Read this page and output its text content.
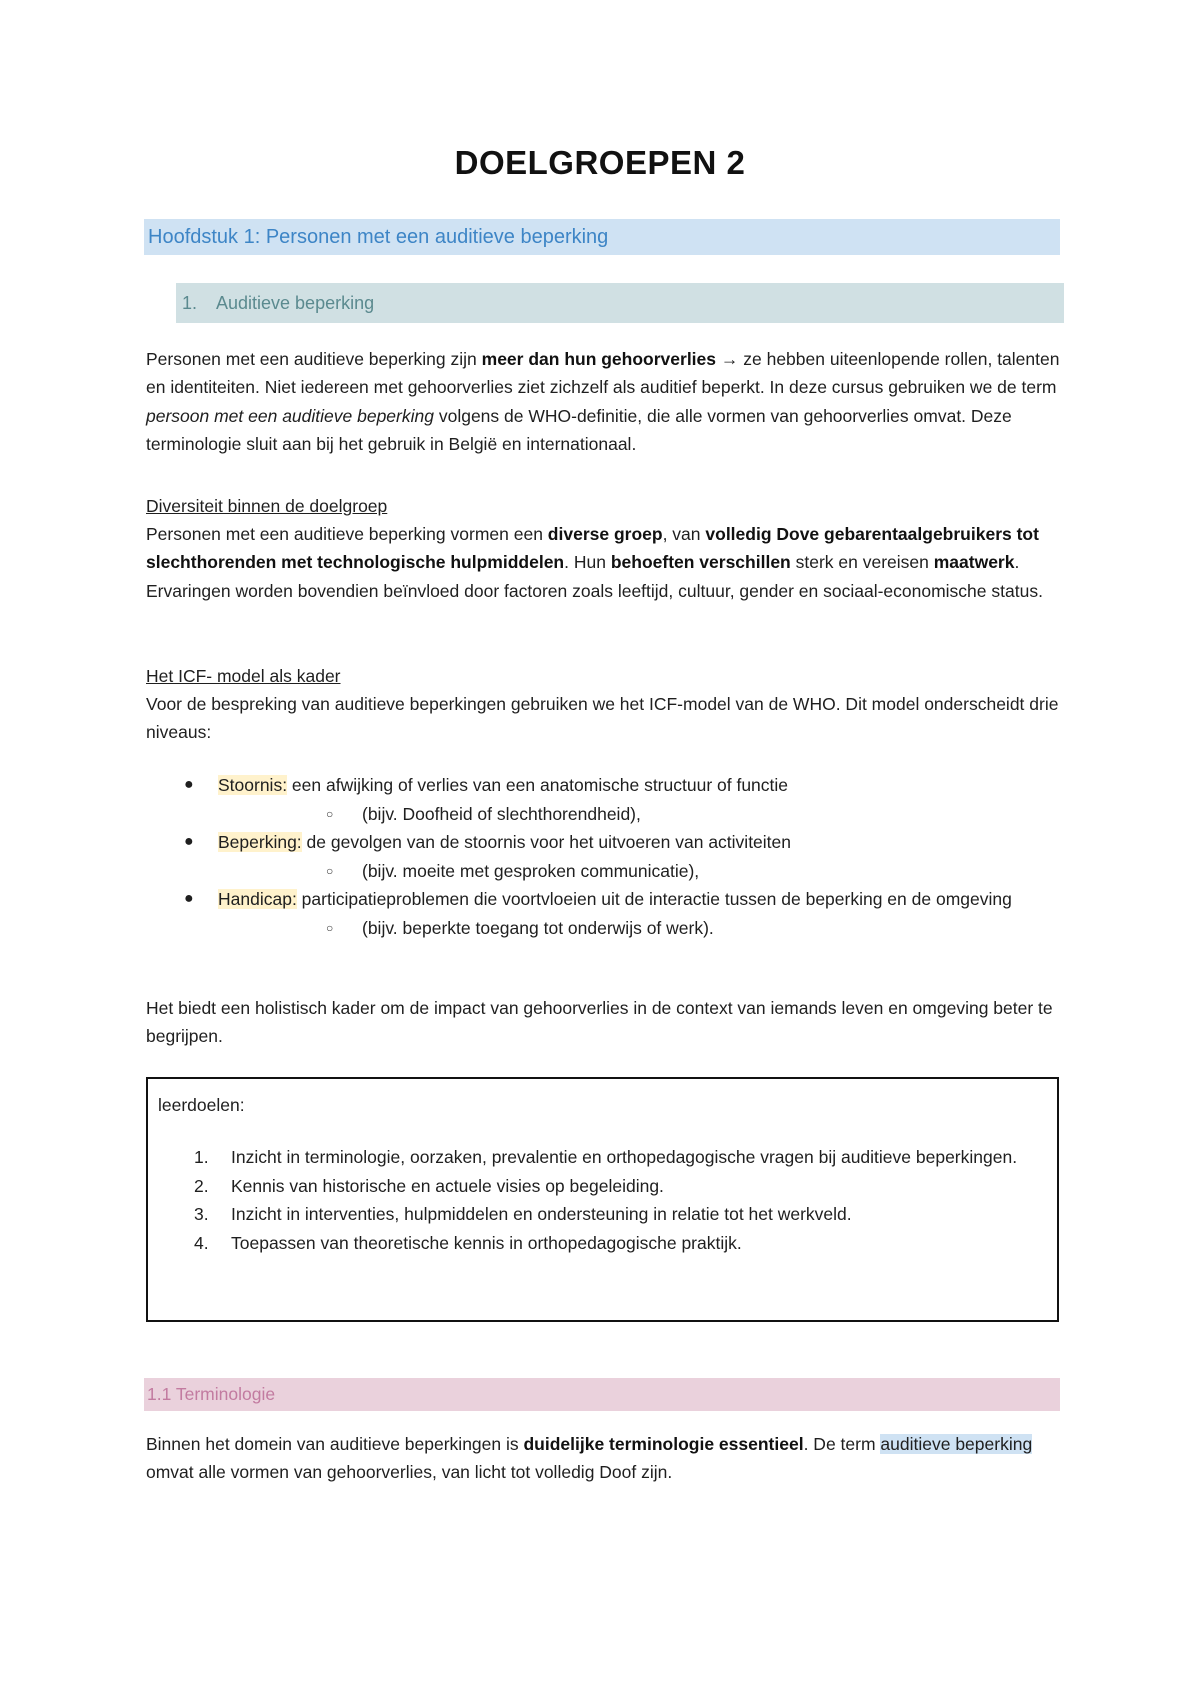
DOELGROEPEN 2
Hoofdstuk 1: Personen met een auditieve beperking
1. Auditieve beperking

Personen met een auditieve beperking zijn meer dan hun gehoorverlies → ze hebben uiteenlopende rollen, talenten en identiteiten. Niet iedereen met gehoorverlies ziet zichzelf als auditief beperkt. In deze cursus gebruiken we de term persoon met een auditieve beperking volgens de WHO-definitie, die alle vormen van gehoorverlies omvat. Deze terminologie sluit aan bij het gebruik in België en internationaal.

Diversiteit binnen de doelgroep

Personen met een auditieve beperking vormen een diverse groep, van volledig Dove gebarentaalgebruikers tot slechthorenden met technologische hulpmiddelen. Hun behoeften verschillen sterk en vereisen maatwerk. Ervaringen worden bovendien beïnvloed door factoren zoals leeftijd, cultuur, gender en sociaal-economische status.

Het ICF- model als kader

Voor de bespreking van auditieve beperkingen gebruiken we het ICF-model van de WHO. Dit model onderscheidt drie niveaus:

● Stoornis: een afwijking of verlies van een anatomische structuur of functie
○ (bijv. Doofheid of slechthorendheid),
● Beperking: de gevolgen van de stoornis voor het uitvoeren van activiteiten
○ (bijv. moeite met gesproken communicatie),
● Handicap: participatieproblemen die voortvloeien uit de interactie tussen de beperking en de omgeving
○ (bijv. beperkte toegang tot onderwijs of werk).

Het biedt een holistisch kader om de impact van gehoorverlies in de context van iemands leven en omgeving beter te begrijpen.

leerdoelen:

1. Inzicht in terminologie, oorzaken, prevalentie en orthopedagogische vragen bij auditieve beperkingen.
2. Kennis van historische en actuele visies op begeleiding.
3. Inzicht in interventies, hulpmiddelen en ondersteuning in relatie tot het werkveld.
4. Toepassen van theoretische kennis in orthopedagogische praktijk.
1.1 Terminologie

Binnen het domein van auditieve beperkingen is duidelijke terminologie essentieel. De term auditieve beperking omvat alle vormen van gehoorverlies, van licht tot volledig Doof zijn.
